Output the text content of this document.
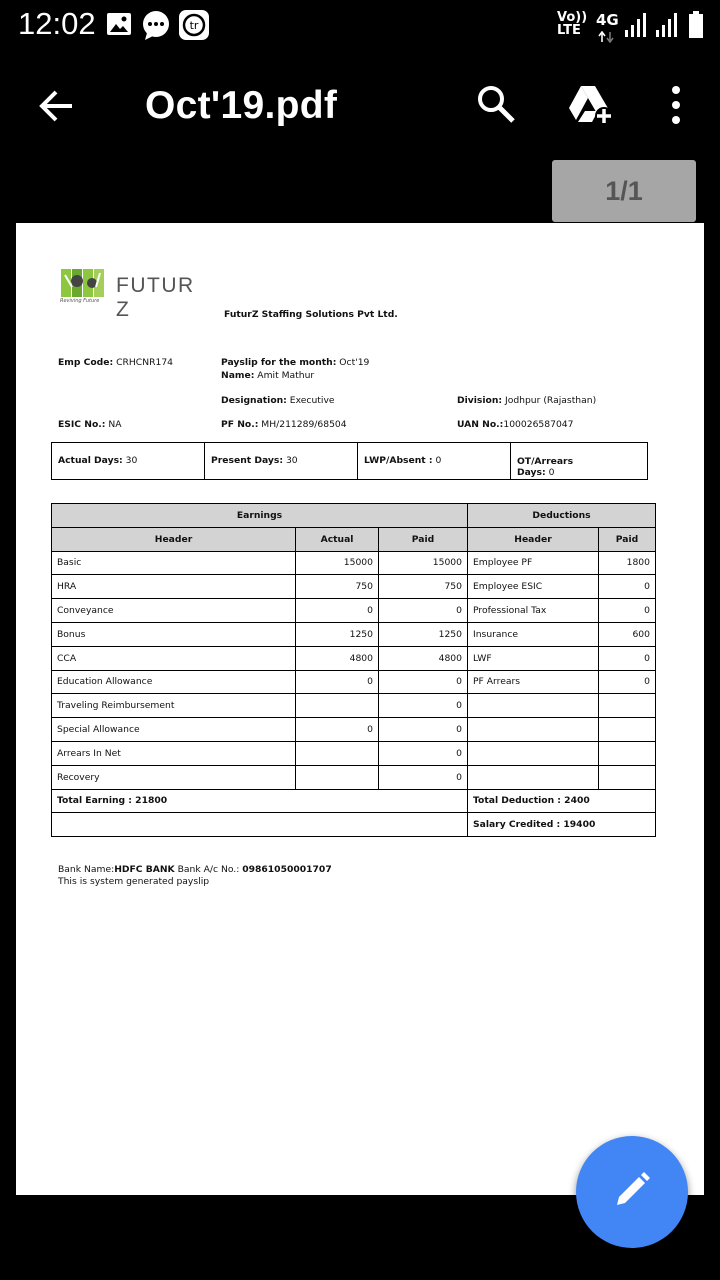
12:02	tr
Vo))
LTE
4G
Oct'19.pdf
1/1
FUTUR Z
Reviving Future
FuturZ Staffing Solutions Pvt Ltd.
Emp Code: CRHCNR174	Payslip for the month: Oct'19
Name: Amit Mathur
Designation: Executive	Division: Jodhpur (Rajasthan)
ESIC No.: NA	PF No.: MH/211289/68504	UAN No.:100026587047
Actual Days: 30	Present Days: 30	LWP/Absent : 0	OT/Arrears
Days: 0
Earnings			Deductions	
Header	Actual	Paid	Header	Paid
Basic	15000	15000	Employee PF	1800
HRA	750	750	Employee ESIC	0
Conveyance	0	0	Professional Tax	0
Bonus	1250	1250	Insurance	600
CCA	4800	4800	LWF	0
Education Allowance	0	0	PF Arrears	0
Traveling Reimbursement		0		
Special Allowance	0	0		
Arrears In Net		0		
Recovery		0		
Total Earning : 21800			Total Deduction : 2400	
			Salary Credited : 19400	
Bank Name:HDFC BANK Bank A/c No.: 09861050001707
This is system generated payslip
